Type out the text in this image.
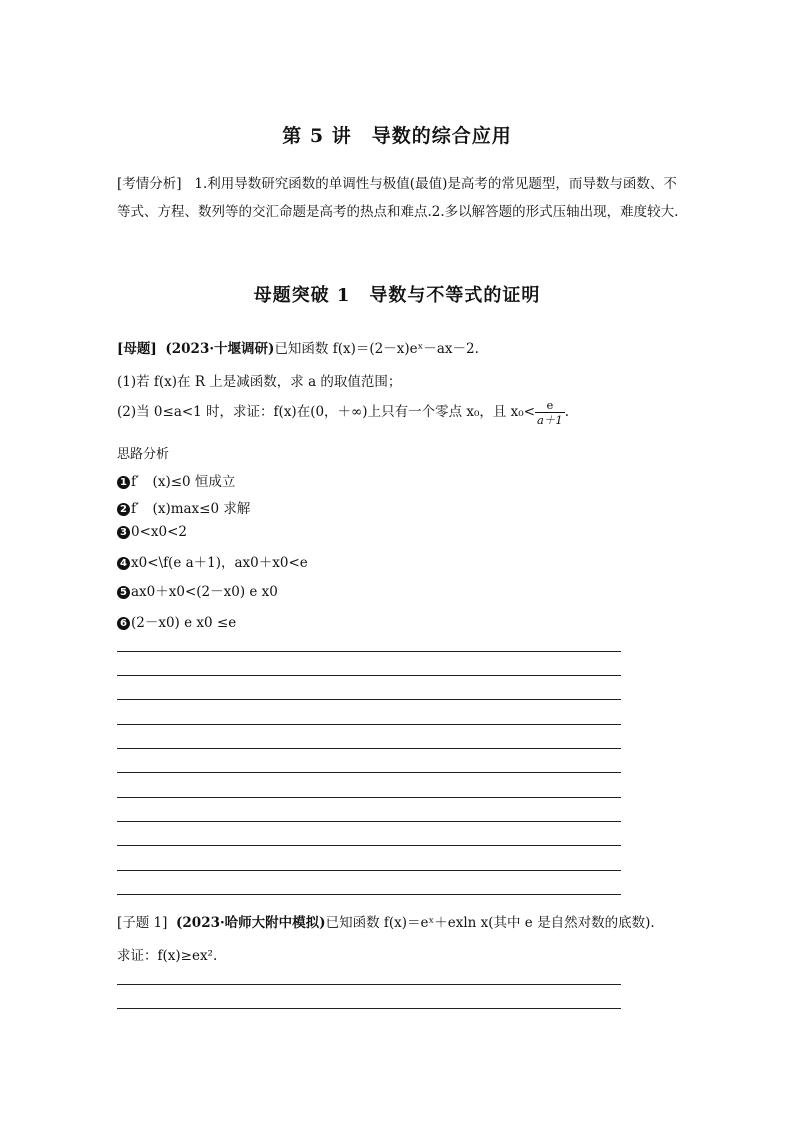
第 5 讲　导数的综合应用

[考情分析] 1.利用导数研究函数的单调性与极值(最值)是高考的常见题型，而导数与函数、不等式、方程、数列等的交汇命题是高考的热点和难点.2.多以解答题的形式压轴出现，难度较大.

母题突破 1　导数与不等式的证明
[母题] (2023·十堰调研)已知函数 f(x)＝(2－x)eˣ－ax－2.
(1)若 f(x)在 R 上是减函数，求 a 的取值范围；
(2)当 0≤a<1 时，求证：f(x)在(0，＋∞)上只有一个零点 x₀，且 $x_0< \frac{e}{a+1}$ .
思路分析
1 f′　(x)≤0 恒成立
2 f′　(x)max≤0 求解
3 0<x0<2
4 x0<\f(e a＋1)，ax0＋x0<e
5 ax0＋x0<(2－x0) e x0
6 (2－x0) e x0 ≤e
[子题 1] (2023·哈师大附中模拟)已知函数 f(x)＝eˣ＋exln x(其中 e 是自然对数的底数).
求证：f(x)≥ex².
